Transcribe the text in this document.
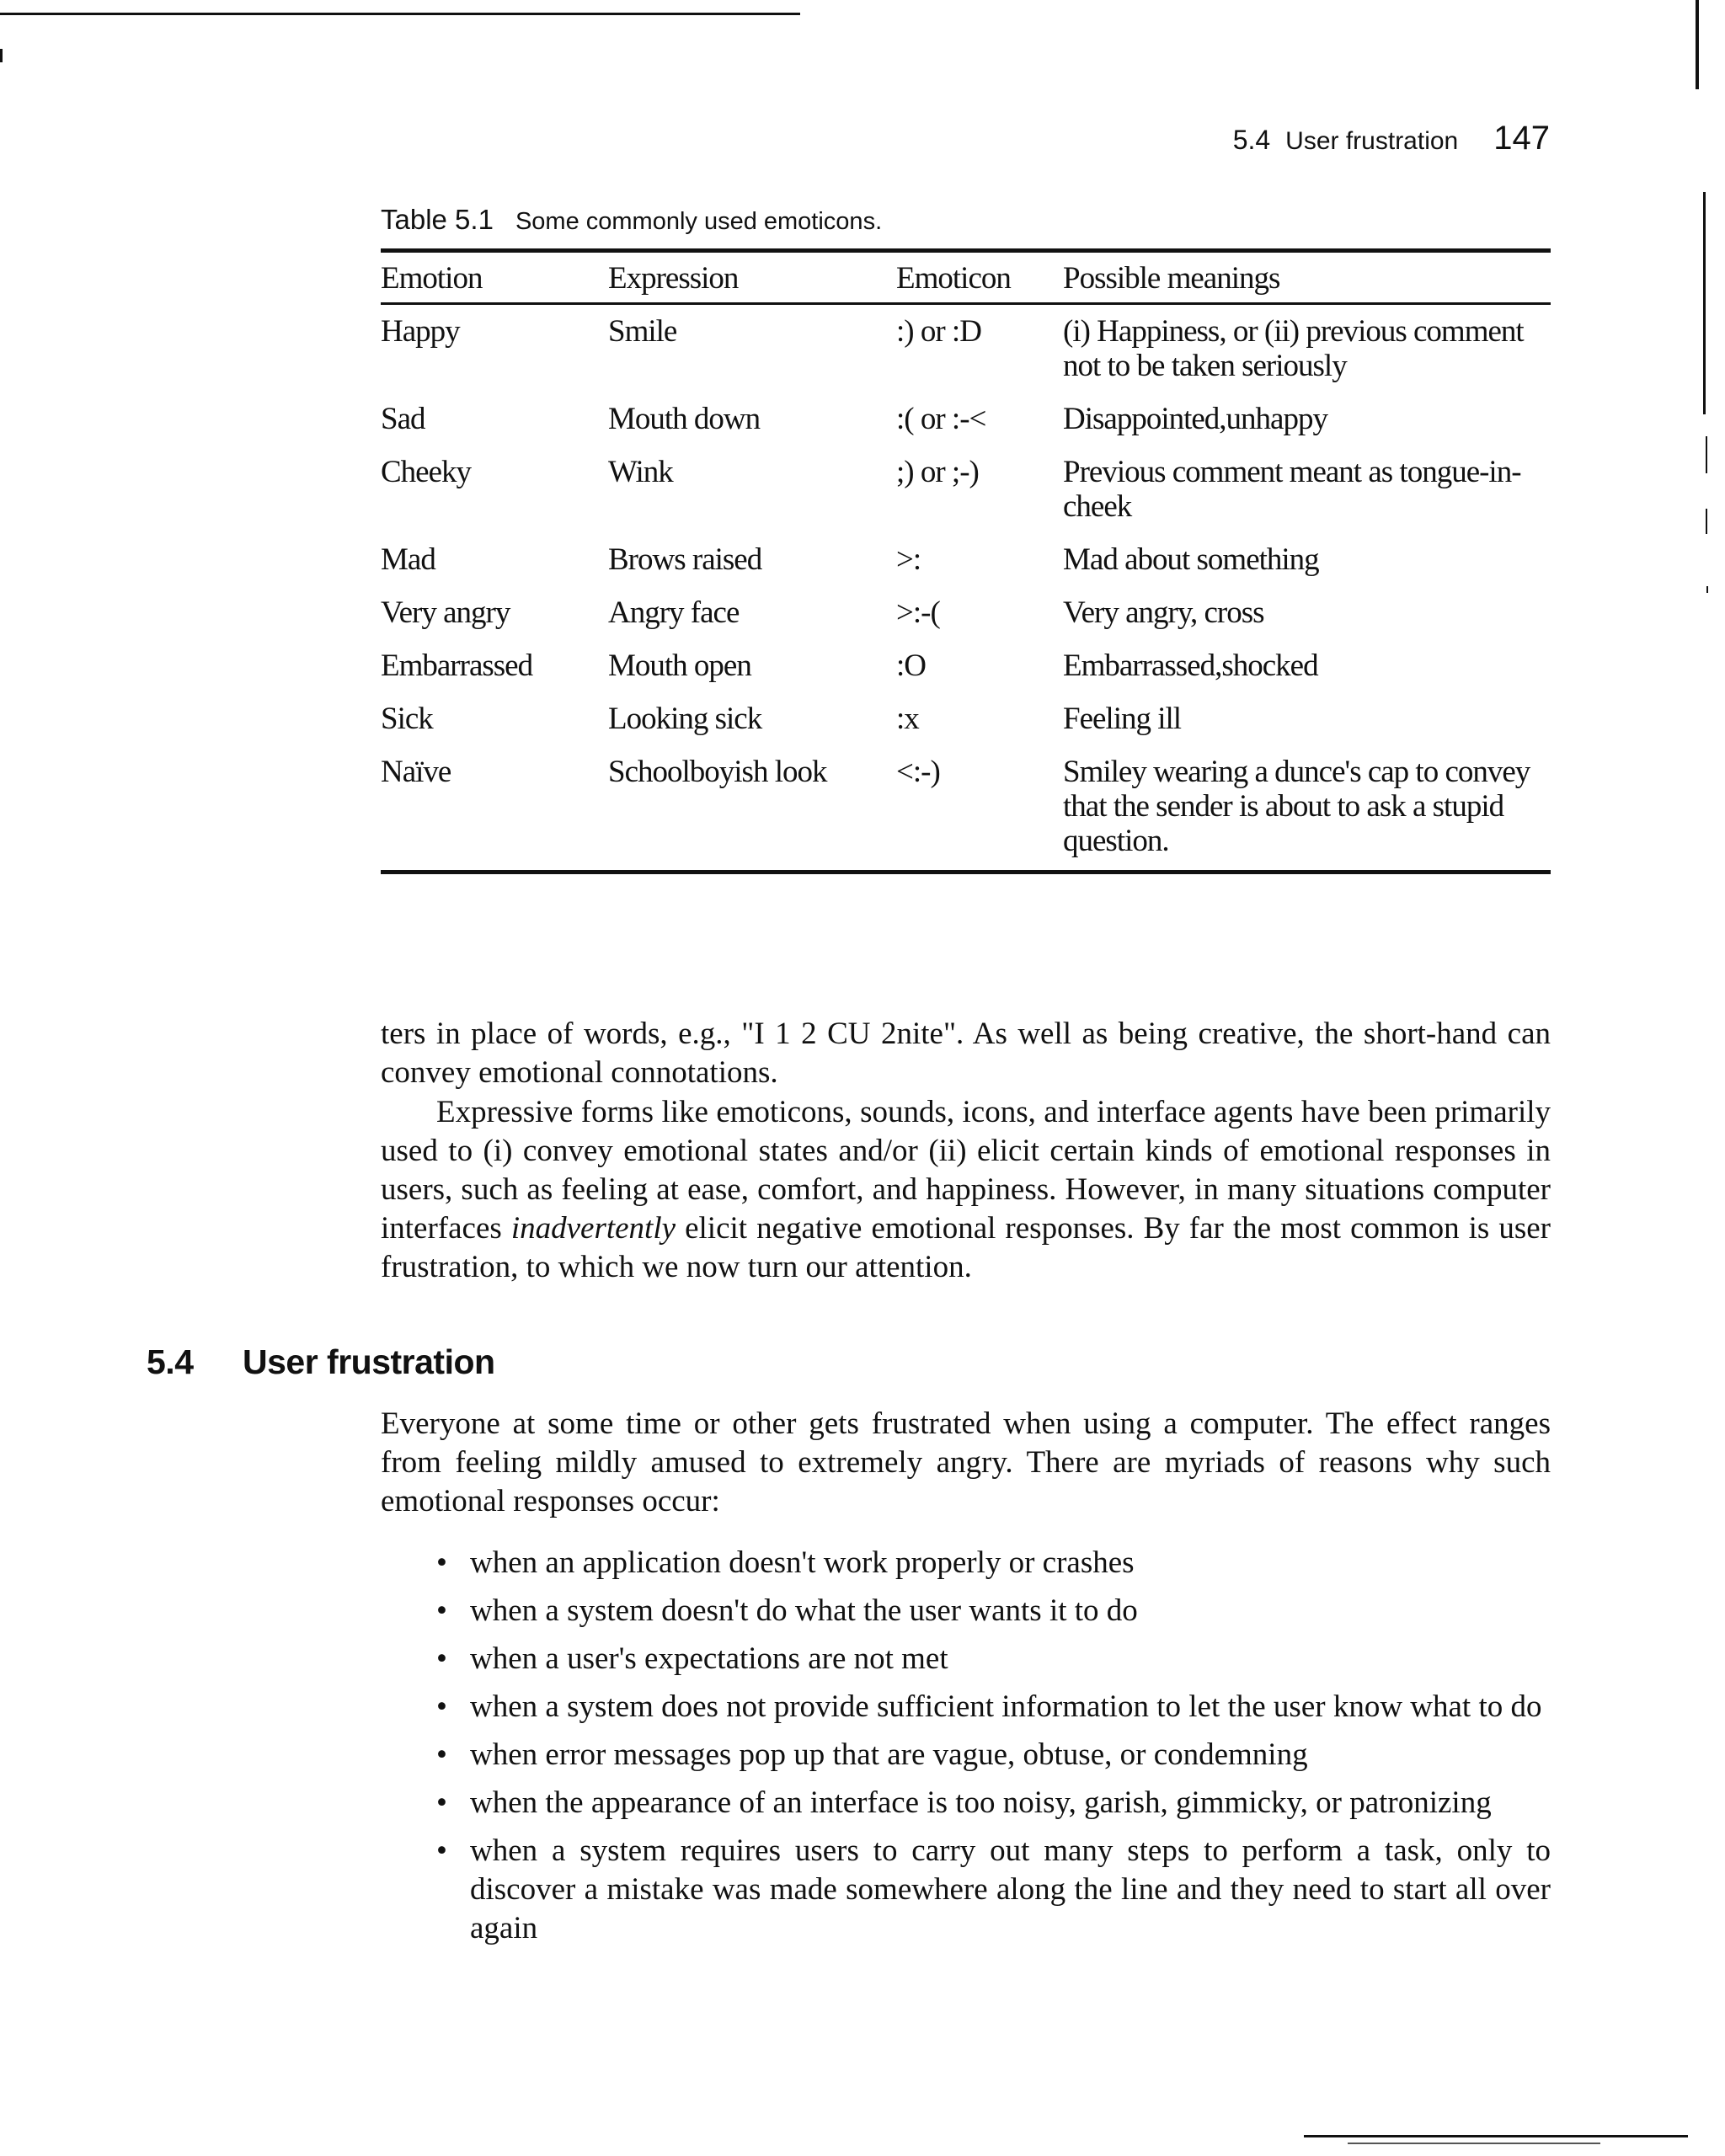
5.4 User frustration 147
Table 5.1 Some commonly used emoticons.
Emotion	Expression	Emoticon	Possible meanings
Happy	Smile	:) or :D	(i) Happiness, or (ii) previous comment not to be taken seriously
Sad	Mouth down	:( or :-<	Disappointed,unhappy
Cheeky	Wink	;) or ;-)	Previous comment meant as tongue-in-cheek
Mad	Brows raised	>:	Mad about something
Very angry	Angry face	>:-(	Very angry, cross
Embarrassed	Mouth open	:O	Embarrassed,shocked
Sick	Looking sick	:x	Feeling ill
Naïve	Schoolboyish look	<:-)	Smiley wearing a dunce's cap to convey that the sender is about to ask a stupid question.

ters in place of words, e.g., "I 1 2 CU 2nite". As well as being creative, the short-hand can convey emotional connotations.

Expressive forms like emoticons, sounds, icons, and interface agents have been primarily used to (i) convey emotional states and/or (ii) elicit certain kinds of emotional responses in users, such as feeling at ease, comfort, and happiness. However, in many situations computer interfaces inadvertently elicit negative emotional responses. By far the most common is user frustration, to which we now turn our attention.

5.4 User frustration

Everyone at some time or other gets frustrated when using a computer. The effect ranges from feeling mildly amused to extremely angry. There are myriads of reasons why such emotional responses occur:

• when an application doesn't work properly or crashes
• when a system doesn't do what the user wants it to do
• when a user's expectations are not met
• when a system does not provide sufficient information to let the user know what to do
• when error messages pop up that are vague, obtuse, or condemning
• when the appearance of an interface is too noisy, garish, gimmicky, or patronizing
• when a system requires users to carry out many steps to perform a task, only to discover a mistake was made somewhere along the line and they need to start all over again
